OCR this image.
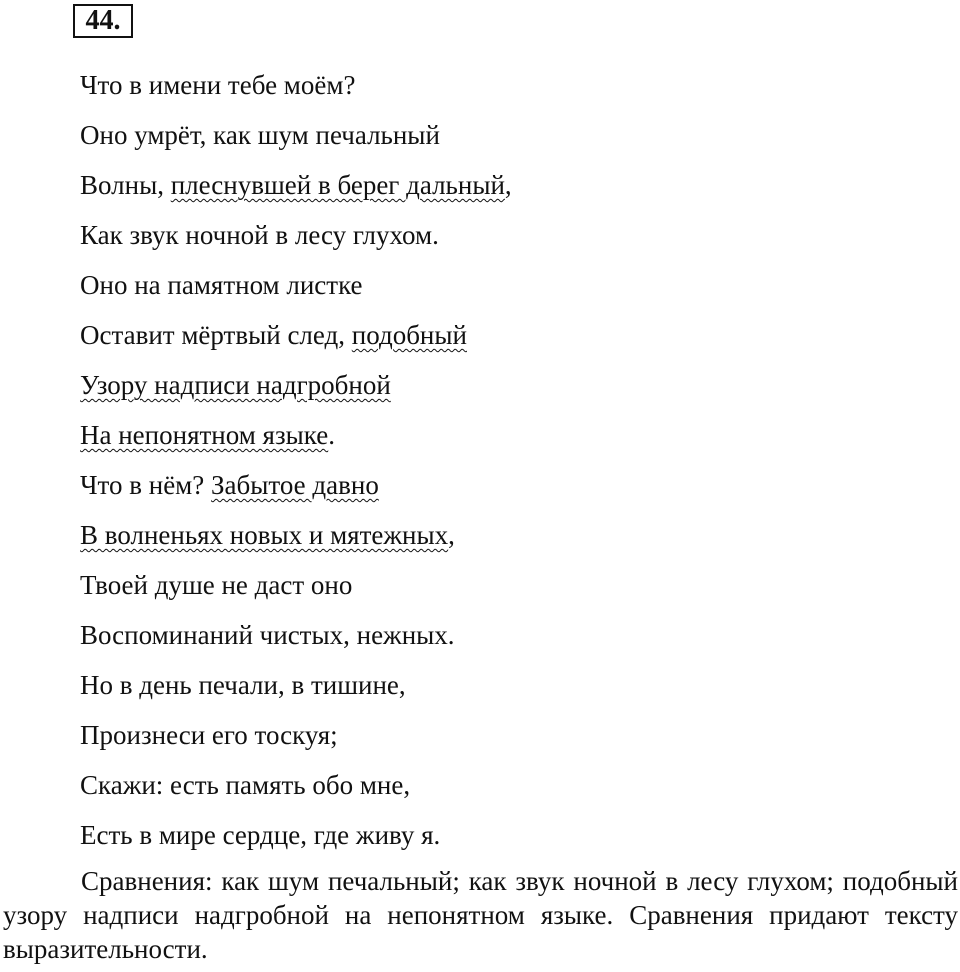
44.
Что в имени тебе моём?
Оно умрёт, как шум печальный
Волны, плеснувшей в берег дальный,
Как звук ночной в лесу глухом.
Оно на памятном листке
Оставит мёртвый след, подобный
Узору надписи надгробной
На непонятном языке.
Что в нём? Забытое давно
В волненьях новых и мятежных,
Твоей душе не даст оно
Воспоминаний чистых, нежных.
Но в день печали, в тишине,
Произнеси его тоскуя;
Скажи: есть память обо мне,
Есть в мире сердце, где живу я.

Сравнения: как шум печальный; как звук ночной в лесу глухом; подобный узору надписи надгробной на непонятном языке. Сравнения придают тексту выразительности.
